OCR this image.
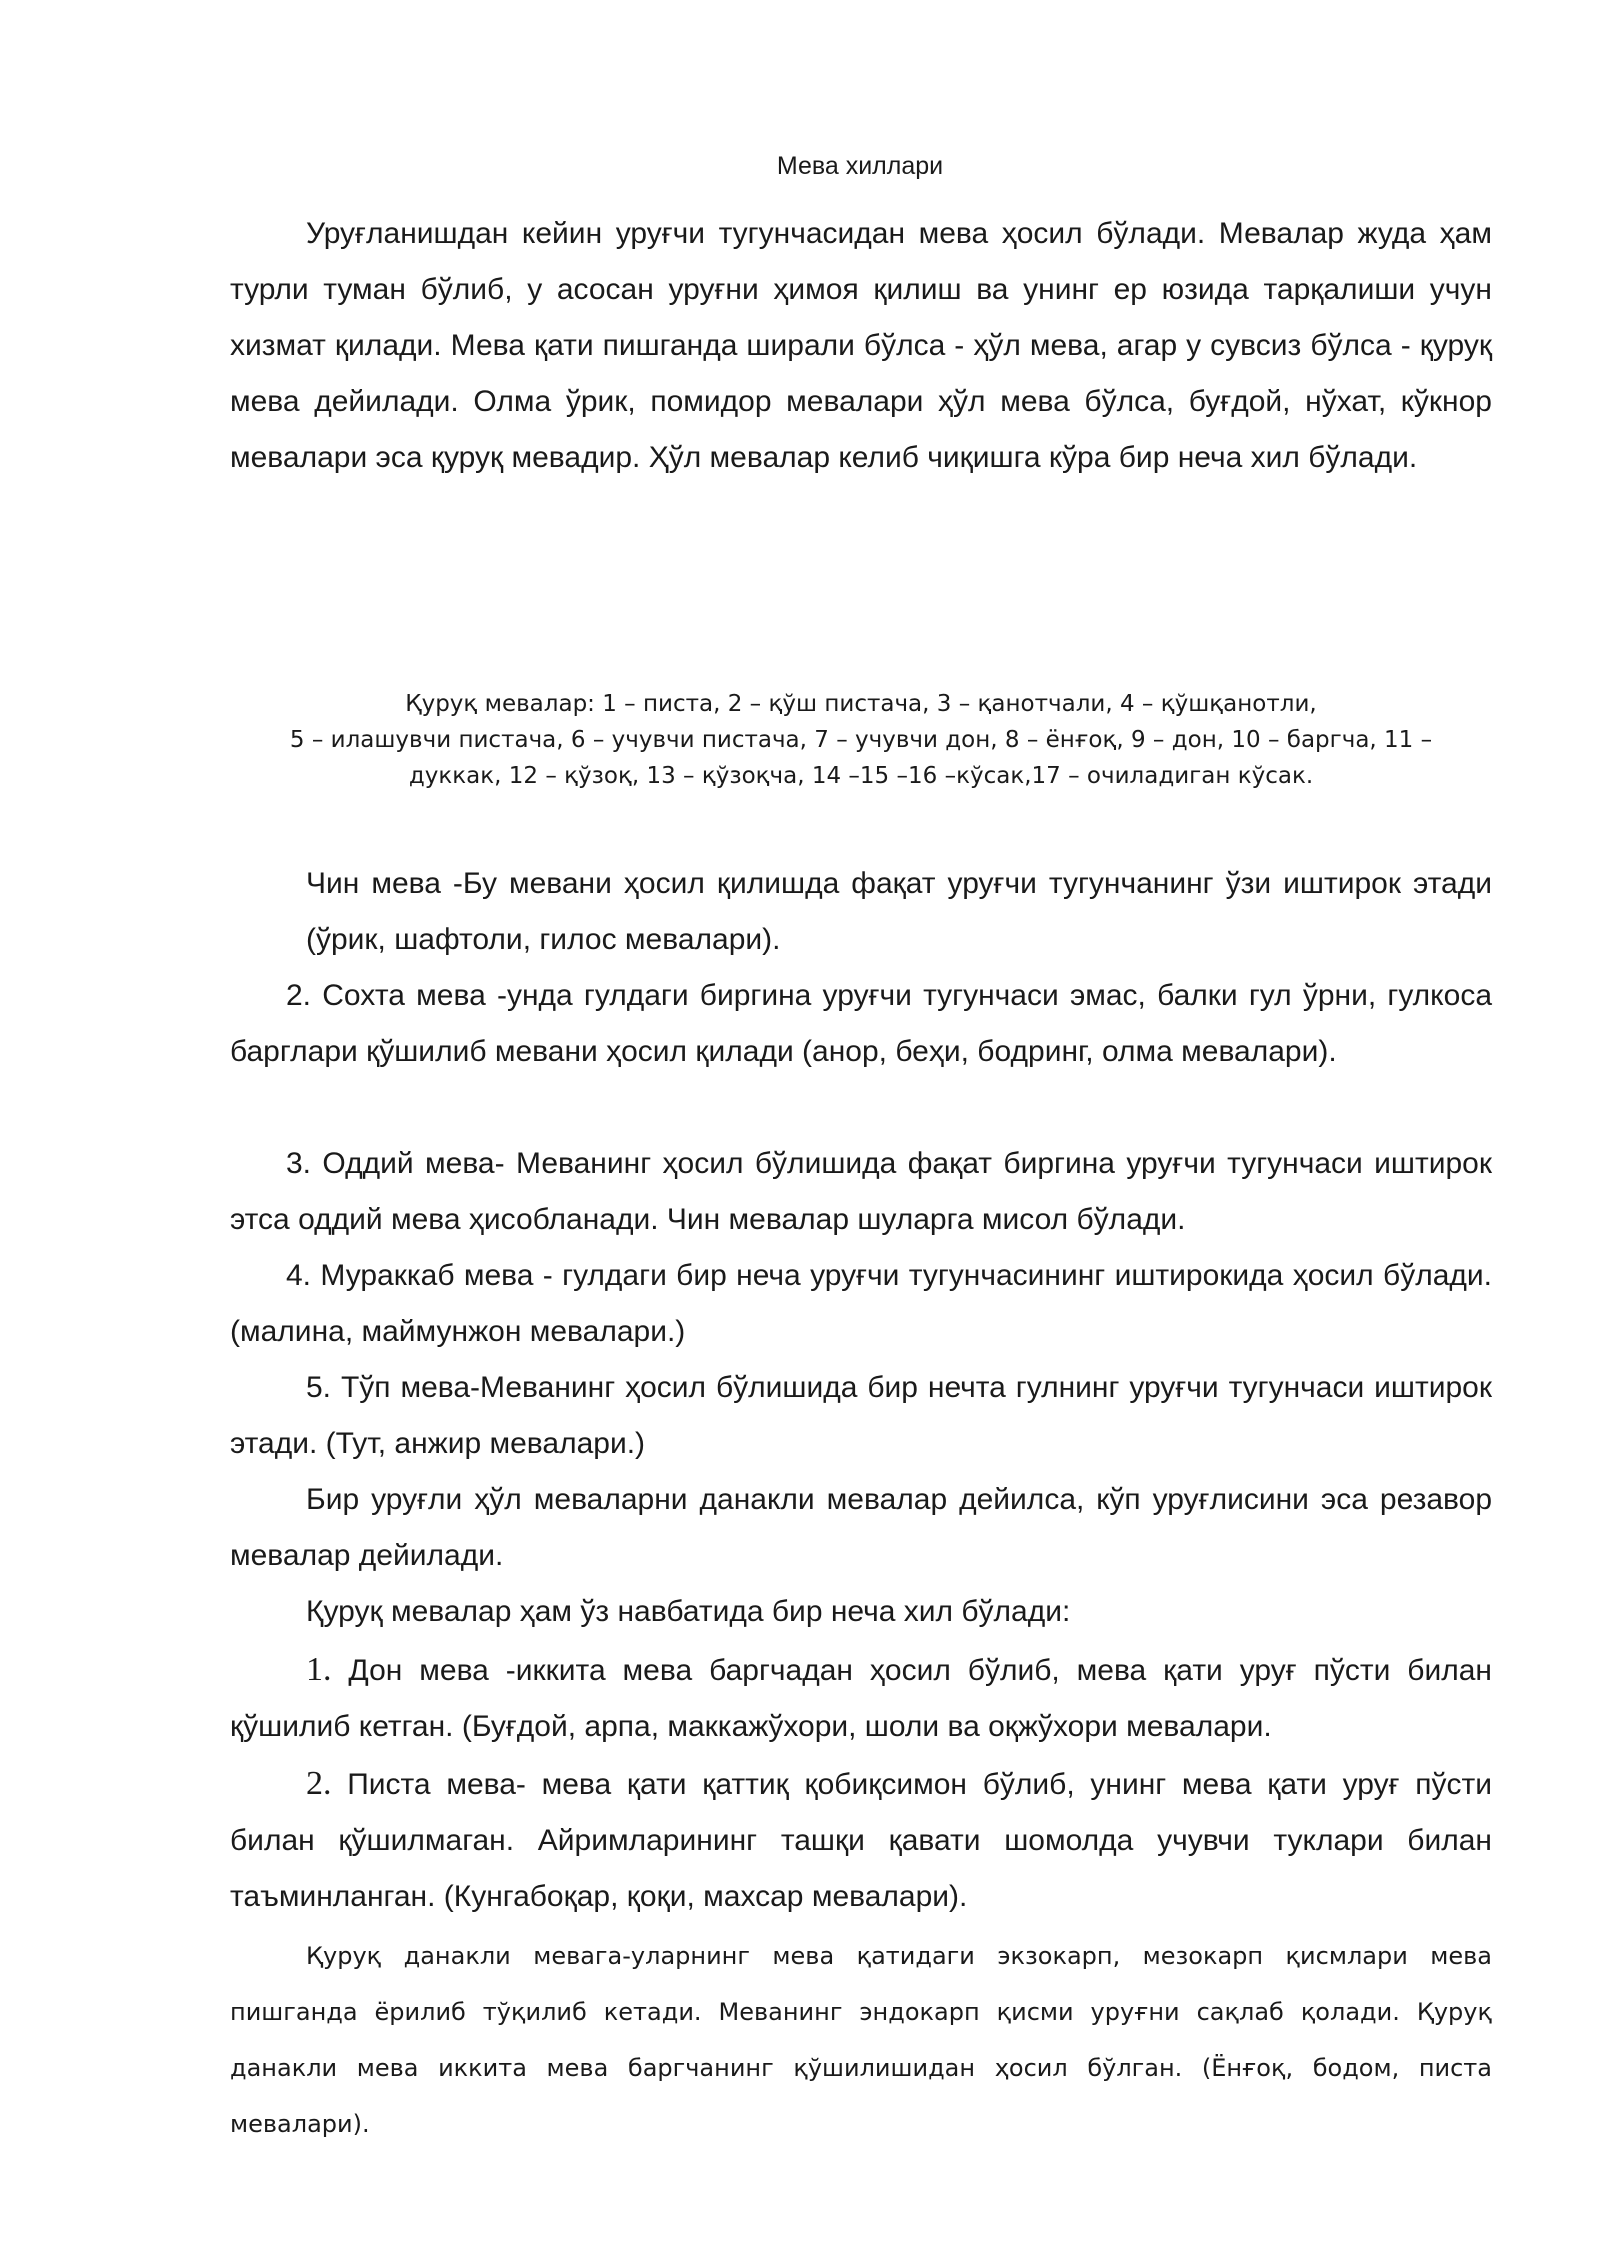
Мева хиллари

Уруғланишдан кейин уруғчи тугунчасидан мева ҳосил бўлади. Мевалар жуда ҳам турли туман бўлиб, у асосан уруғни ҳимоя қилиш ва унинг ер юзида тарқалиши учун хизмат қилади. Мева қати пишганда ширали бўлса - ҳўл мева, агар у сувсиз бўлса - қуруқ мева дейилади. Олма ўрик, помидор мевалари ҳўл мева бўлса, буғдой, нўхат, кўкнор мевалари эса қуруқ мевадир. Ҳўл мевалар келиб чиқишга кўра бир неча хил бўлади.

Қуруқ мевалар: 1 – писта, 2 – қўш пистача, 3 – қанотчали, 4 – қўшқанотли,
5 – илашувчи пистача, 6 – учувчи пистача, 7 – учувчи дон, 8 – ёнғоқ, 9 – дон, 10 – баргча, 11 –
дуккак, 12 – қўзоқ, 13 – қўзоқча, 14 –15 –16 –кўсак,17 – очиладиган кўсак.

Чин мева -Бу мевани ҳосил қилишда фақат уруғчи тугунчанинг ўзи иштирок этади (ўрик, шафтоли, гилос мевалари).

2. Сохта мева -унда гулдаги биргина уруғчи тугунчаси эмас, балки гул ўрни, гулкоса барглари қўшилиб мевани ҳосил қилади (анор, беҳи, бодринг, олма мевалари).

3. Оддий мева- Меванинг ҳосил бўлишида фақат биргина уруғчи тугунчаси иштирок этса оддий мева ҳисобланади. Чин мевалар шуларга мисол бўлади.

4. Мураккаб мева - гулдаги бир неча уруғчи тугунчасининг иштирокида ҳосил бўлади. (малина, маймунжон мевалари.)

5. Тўп мева-Меванинг ҳосил бўлишида бир нечта гулнинг уруғчи тугунчаси иштирок этади. (Тут, анжир мевалари.)

Бир уруғли ҳўл меваларни данакли мевалар дейилса, кўп уруғлисини эса резавор мевалар дейилади.

Қуруқ мевалар ҳам ўз навбатида бир неча хил бўлади:

1. Дон мева -иккита мева баргчадан ҳосил бўлиб, мева қати уруғ пўсти билан қўшилиб кетган. (Буғдой, арпа, маккажўхори, шоли ва оқжўхори мевалари.

2. Писта мева- мева қати қаттиқ қобиқсимон бўлиб, унинг мева қати уруғ пўсти билан қўшилмаган. Айримларининг ташқи қавати шомолда учувчи туклари билан таъминланган. (Кунгабоқар, қоқи, махсар мевалари).

Қуруқ данакли мевага-уларнинг мева қатидаги экзокарп, мезокарп қисмлари мева пишганда ёрилиб тўқилиб кетади. Меванинг эндокарп қисми уруғни сақлаб қолади. Қуруқ данакли мева иккита мева баргчанинг қўшилишидан ҳосил бўлган. (Ёнғоқ, бодом, писта мевалари).
